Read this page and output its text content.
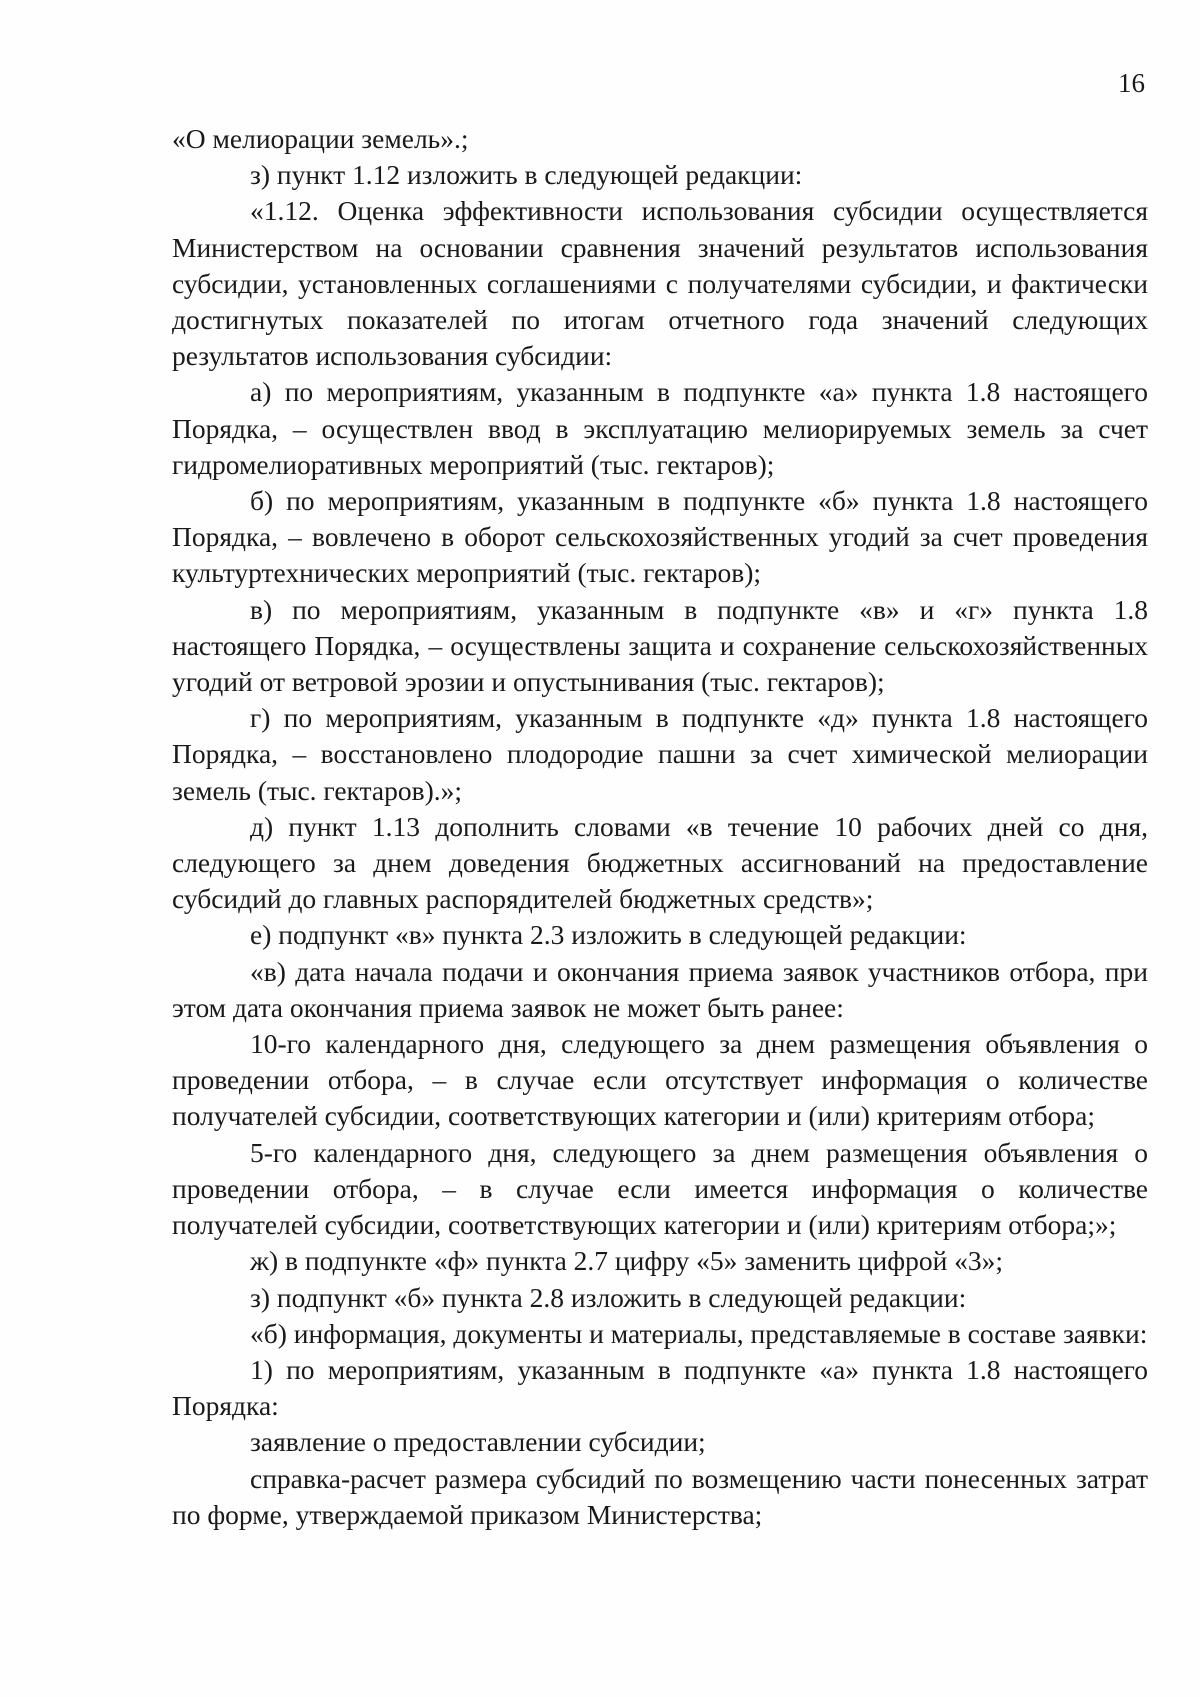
16

«О мелиорации земель».;

з) пункт 1.12 изложить в следующей редакции:

«1.12. Оценка эффективности использования субсидии осуществляется Министерством на основании сравнения значений результатов использования субсидии, установленных соглашениями с получателями субсидии, и фактически достигнутых показателей по итогам отчетного года значений следующих результатов использования субсидии:

а) по мероприятиям, указанным в подпункте «а» пункта 1.8 настоящего Порядка, – осуществлен ввод в эксплуатацию мелиорируемых земель за счет гидромелиоративных мероприятий (тыс. гектаров);

б) по мероприятиям, указанным в подпункте «б» пункта 1.8 настоящего Порядка, – вовлечено в оборот сельскохозяйственных угодий за счет проведения культуртехнических мероприятий (тыс. гектаров);

в) по мероприятиям, указанным в подпункте «в» и «г» пункта 1.8 настоящего Порядка, – осуществлены защита и сохранение сельскохозяйственных угодий от ветровой эрозии и опустынивания (тыс. гектаров);

г) по мероприятиям, указанным в подпункте «д» пункта 1.8 настоящего Порядка, – восстановлено плодородие пашни за счет химической мелиорации земель (тыс. гектаров).»;

д) пункт 1.13 дополнить словами «в течение 10 рабочих дней со дня, следующего за днем доведения бюджетных ассигнований на предоставление субсидий до главных распорядителей бюджетных средств»;

е) подпункт «в» пункта 2.3 изложить в следующей редакции:

«в) дата начала подачи и окончания приема заявок участников отбора, при этом дата окончания приема заявок не может быть ранее:

10-го календарного дня, следующего за днем размещения объявления о проведении отбора, – в случае если отсутствует информация о количестве получателей субсидии, соответствующих категории и (или) критериям отбора;

5-го календарного дня, следующего за днем размещения объявления о проведении отбора, – в случае если имеется информация о количестве получателей субсидии, соответствующих категории и (или) критериям отбора;»;

ж) в подпункте «ф» пункта 2.7 цифру «5» заменить цифрой «3»;

з) подпункт «б» пункта 2.8 изложить в следующей редакции:

«б) информация, документы и материалы, представляемые в составе заявки:

1) по мероприятиям, указанным в подпункте «а» пункта 1.8 настоящего Порядка:

заявление о предоставлении субсидии;

справка-расчет размера субсидий по возмещению части понесенных затрат по форме, утверждаемой приказом Министерства;
